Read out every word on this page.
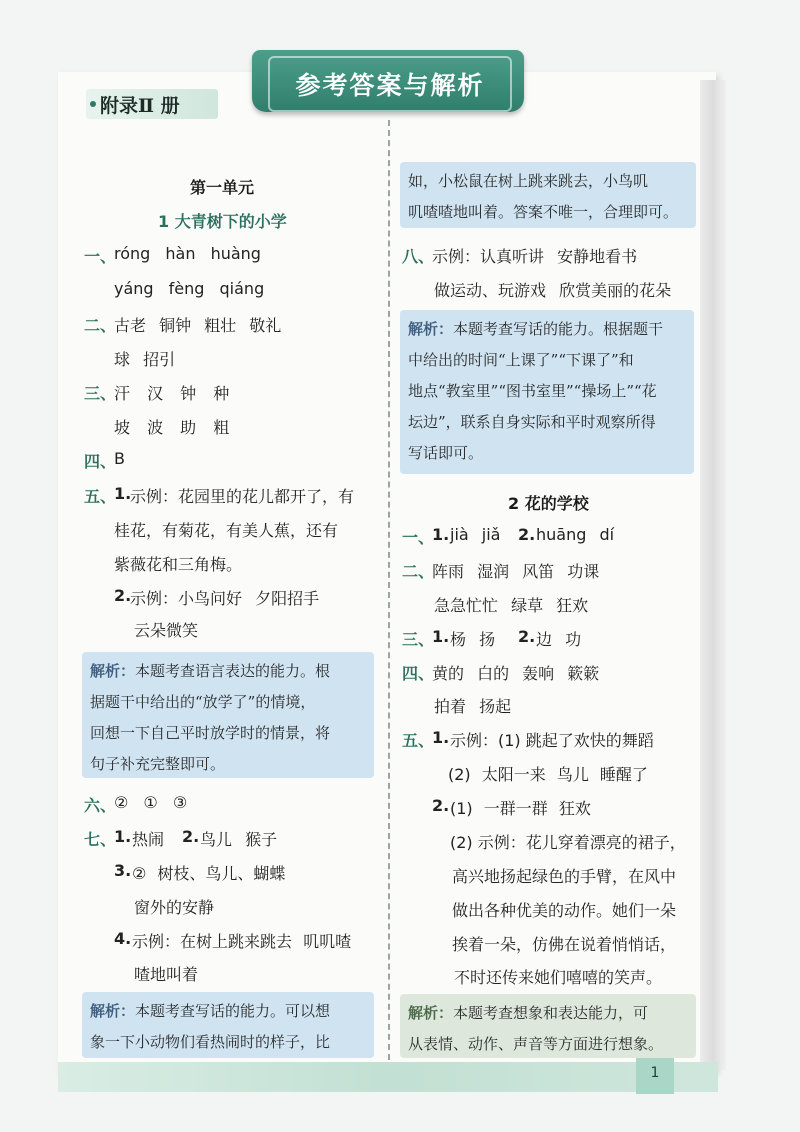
附录Ⅱ 册
参考答案与解析
第一单元
1 大青树下的小学
一、
róng hàn huàng
yáng fèng qiáng
二、
古老 铜钟 粗壮 敬礼
球 招引
三、
汗 汉 钟 种
坡 波 助 粗
四、
B
五、
1.
示例：花园里的花儿都开了，有
桂花，有菊花，有美人蕉，还有
紫薇花和三角梅。
2.
示例：小鸟问好 夕阳招手
云朵微笑
解析：本题考查语言表达的能力。根
据题干中给出的“放学了”的情境，
回想一下自己平时放学时的情景，将
句子补充完整即可。
六、
② ① ③
七、
1. 热闹 2. 鸟儿 猴子
3. ② 树枝、鸟儿、蝴蝶
窗外的安静
4. 示例：在树上跳来跳去 叽叽喳
喳地叫着
解析：本题考查写话的能力。可以想
象一下小动物们看热闹时的样子，比
如，小松鼠在树上跳来跳去，小鸟叽
叽喳喳地叫着。答案不唯一，合理即可。
八、
示例：认真听讲 安静地看书
做运动、玩游戏 欣赏美丽的花朵
解析：本题考查写话的能力。根据题干
中给出的时间“上课了”“下课了”和
地点“教室里”“图书室里”“操场上”“花
坛边”，联系自身实际和平时观察所得
写话即可。
2 花的学校
一、
1. jià jiǎ 2. huāng dí
二、
阵雨 湿润 风笛 功课
急急忙忙 绿草 狂欢
三、
1. 杨 扬 2. 边 功
四、
黄的 白的 轰响 簌簌
拍着 扬起
五、
1. 示例：(1) 跳起了欢快的舞蹈
(2) 太阳一来 鸟儿 睡醒了
2. (1) 一群一群 狂欢
(2) 示例：花儿穿着漂亮的裙子，
高兴地扬起绿色的手臂，在风中
做出各种优美的动作。她们一朵
挨着一朵，仿佛在说着悄悄话，
不时还传来她们嘻嘻的笑声。
解析：本题考查想象和表达能力，可
从表情、动作、声音等方面进行想象。
1
